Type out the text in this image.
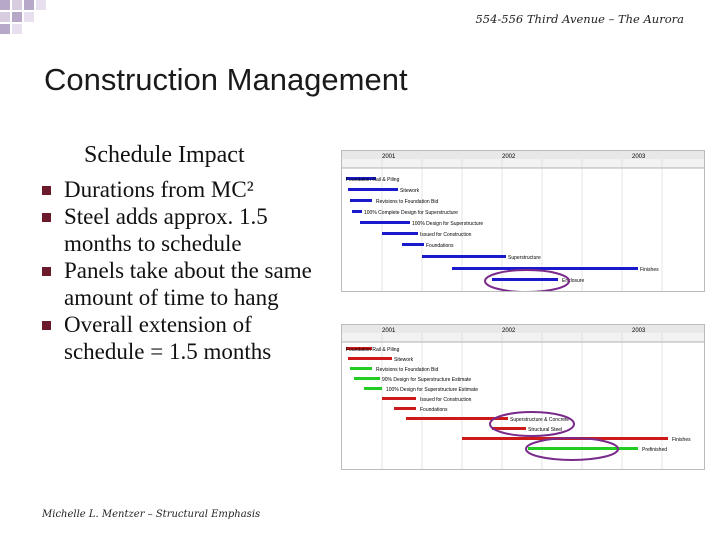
554-556 Third Avenue – The Aurora
Construction Management
Schedule Impact
Durations from MC²
Steel adds approx. 1.5 months to schedule
Panels take about the same amount of time to hang
Overall extension of schedule = 1.5 months
Michelle L. Mentzer – Structural Emphasis
2001	2002	2003
Foundation Rail & Piling
Sitework
Revisions to Foundation Bid
100% Complete Design for Superstructure
100% Design for Superstructure
Issued for Construction
Foundations
Superstructure
Finishes
Enclosure
2001	2002	2003
Foundation Rail & Piling
Sitework
Revisions to Foundation Bid
90% Design for Superstructure Estimate
100% Design for Superstructure Estimate
Issued for Construction
Foundations
Superstructure & Concrete
Structural Steel
Finishes
Prefinished
